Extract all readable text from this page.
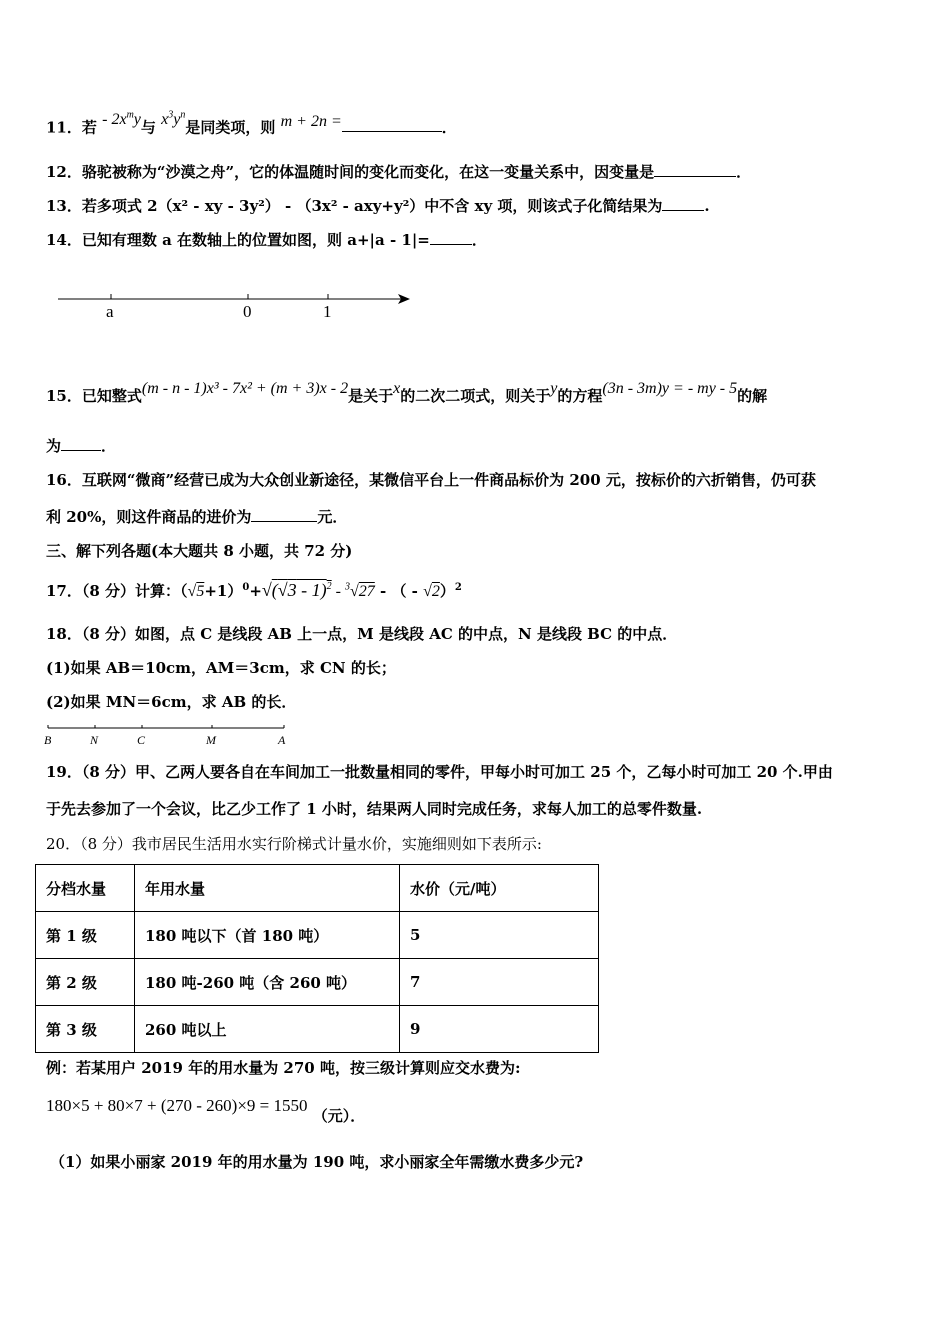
11．若 - $2x^my$与 $x^3y^n$是同类项，则 m + 2n =	．
12．骆驼被称为“沙漠之舟”，它的体温随时间的变化而变化，在这一变量关系中，因变量是	．
13．若多项式 2（x² - xy - 3y²） - （3x² - axy+y²）中不含 xy 项，则该式子化简结果为	.
14．已知有理数 a 在数轴上的位置如图，则 a+|a - 1|=	．
a	0	1
15．已知整式(m - n - 1)x³ - 7x² + (m + 3)x - 2是关于x的二次二项式，则关于y的方程(3n - 3m)y = - my - 5的解
为	．
16．互联网“微商”经营已成为大众创业新途径，某微信平台上一件商品标价为 200 元，按标价的六折销售，仍可获
利 20%，则这件商品的进价为	元．
三、解下列各题(本大题共 8 小题，共 72 分)
17．（8 分）计算：$(√5+1)^0+√(√3 - 1)^2 - ^3√27$ - （ - √2）$^2$
18．（8 分）如图，点 C 是线段 AB 上一点，M 是线段 AC 的中点，N 是线段 BC 的中点．
(1)如果 AB＝10cm，AM＝3cm，求 CN 的长；
(2)如果 MN＝6cm，求 AB 的长．
B	N	C	M	A
19．（8 分）甲、乙两人要各自在车间加工一批数量相同的零件，甲每小时可加工 25 个，乙每小时可加工 20 个.甲由
于先去参加了一个会议，比乙少工作了 1 小时，结果两人同时完成任务，求每人加工的总零件数量.
20．（8 分）我市居民生活用水实行阶梯式计量水价，实施细则如下表所示:
分档水量	年用水量	水价（元/吨）
第 1 级	180 吨以下（首 180 吨）	5
第 2 级	180 吨-260 吨（含 260 吨）	7
第 3 级	260 吨以上	9
例：若某用户 2019 年的用水量为 270 吨，按三级计算则应交水费为:
180×5 + 80×7 + (270 - 260)×9 = 1550 （元）．
（1）如果小丽家 2019 年的用水量为 190 吨，求小丽家全年需缴水费多少元?
